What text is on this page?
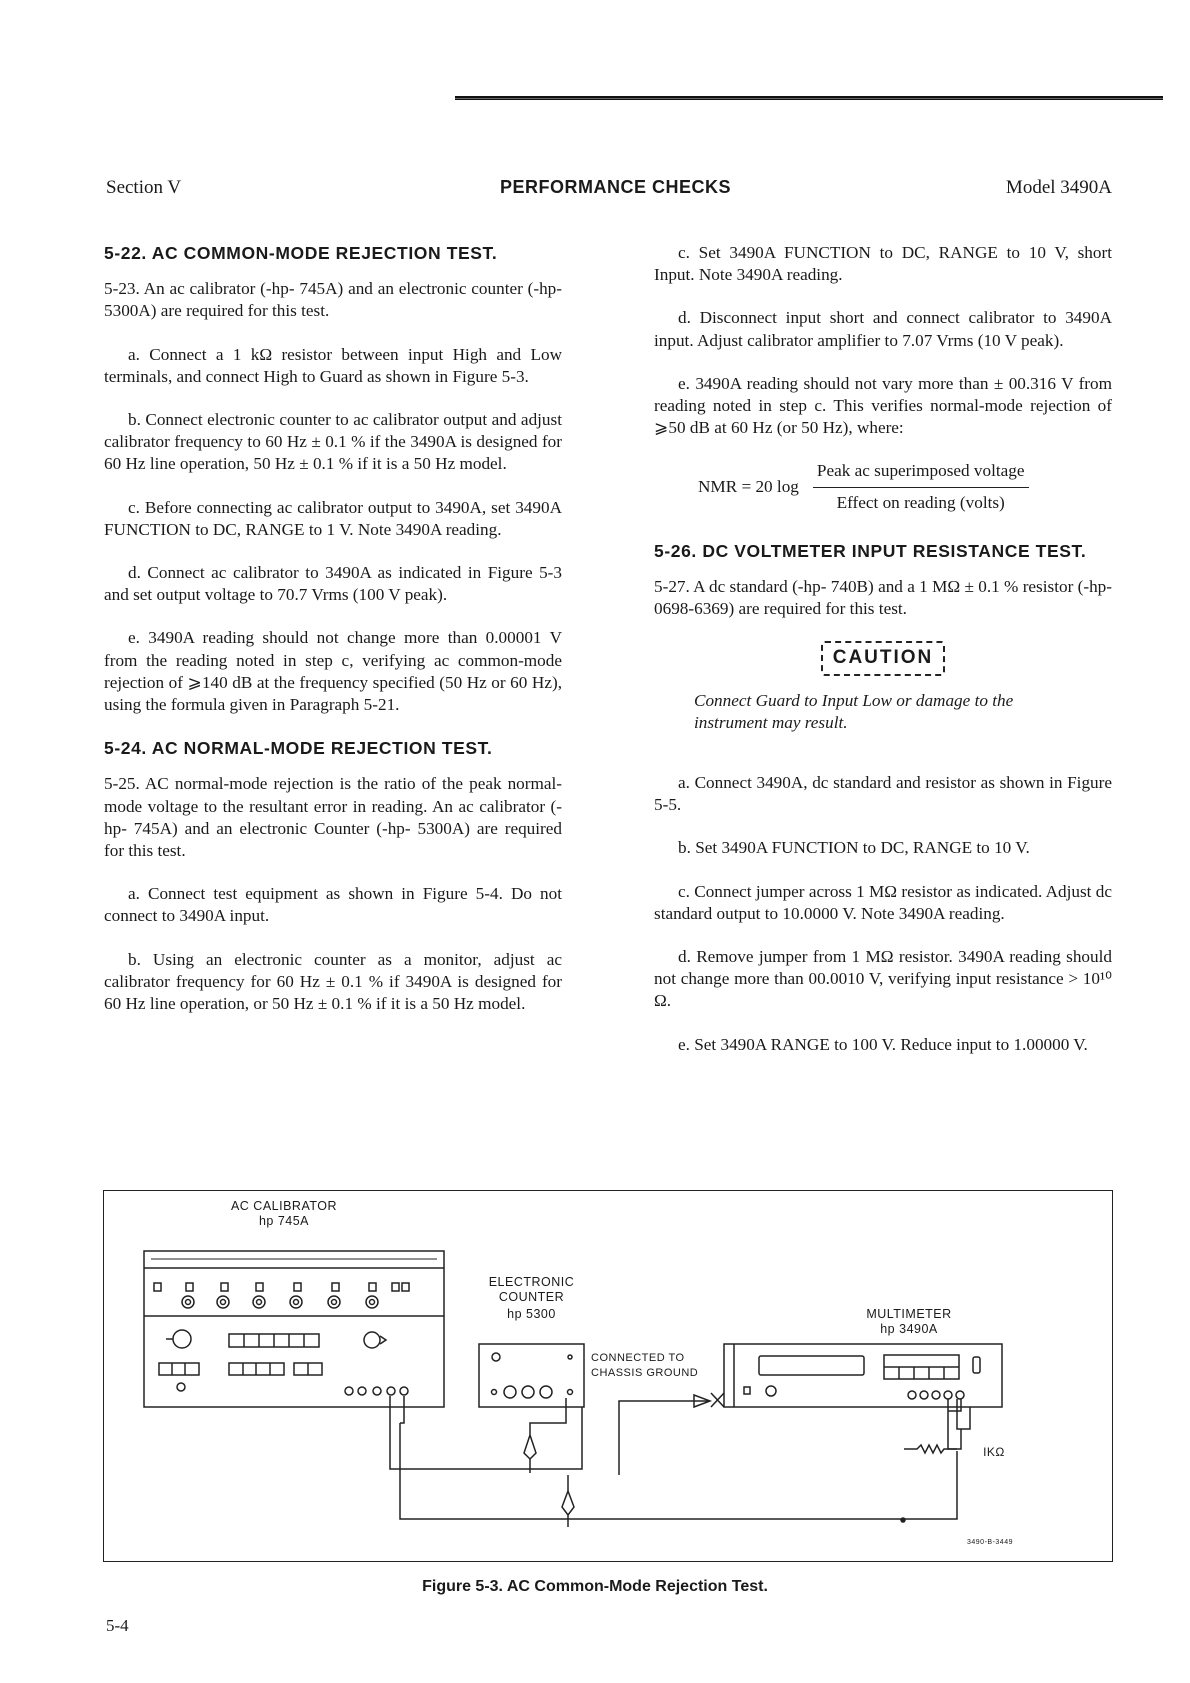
Section V	PERFORMANCE CHECKS	Model 3490A
5-22. AC COMMON-MODE REJECTION TEST.

5-23. An ac calibrator (-hp- 745A) and an electronic counter (-hp- 5300A) are required for this test.

a. Connect a 1 kΩ resistor between input High and Low terminals, and connect High to Guard as shown in Figure 5-3.

b. Connect electronic counter to ac calibrator output and adjust calibrator frequency to 60 Hz ± 0.1 % if the 3490A is designed for 60 Hz line operation, 50 Hz ± 0.1 % if it is a 50 Hz model.

c. Before connecting ac calibrator output to 3490A, set 3490A FUNCTION to DC, RANGE to 1 V. Note 3490A reading.

d. Connect ac calibrator to 3490A as indicated in Figure 5-3 and set output voltage to 70.7 Vrms (100 V peak).

e. 3490A reading should not change more than 0.00001 V from the reading noted in step c, verifying ac common-mode rejection of ⩾140 dB at the frequency specified (50 Hz or 60 Hz), using the formula given in Paragraph 5-21.

5-24. AC NORMAL-MODE REJECTION TEST.

5-25. AC normal-mode rejection is the ratio of the peak normal-mode voltage to the resultant error in reading. An ac calibrator (-hp- 745A) and an electronic Counter (-hp- 5300A) are required for this test.

a. Connect test equipment as shown in Figure 5-4. Do not connect to 3490A input.

b. Using an electronic counter as a monitor, adjust ac calibrator frequency for 60 Hz ± 0.1 % if 3490A is designed for 60 Hz line operation, or 50 Hz ± 0.1 % if it is a 50 Hz model.

c. Set 3490A FUNCTION to DC, RANGE to 10 V, short Input. Note 3490A reading.

d. Disconnect input short and connect calibrator to 3490A input. Adjust calibrator amplifier to 7.07 Vrms (10 V peak).

e. 3490A reading should not vary more than ± 00.316 V from reading noted in step c. This verifies normal-mode rejection of ⩾50 dB at 60 Hz (or 50 Hz), where:

NMR = 20 $\log \frac{\text{Peak ac superimposed voltage}}{\text{Effect on reading (volts)}}$
5-26. DC VOLTMETER INPUT RESISTANCE TEST.

5-27. A dc standard (-hp- 740B) and a 1 MΩ ± 0.1 % resistor (-hp- 0698-6369) are required for this test.

CAUTION

Connect Guard to Input Low or damage to the instrument may result.

a. Connect 3490A, dc standard and resistor as shown in Figure 5-5.

b. Set 3490A FUNCTION to DC, RANGE to 10 V.

c. Connect jumper across 1 MΩ resistor as indicated. Adjust dc standard output to 10.0000 V. Note 3490A reading.

d. Remove jumper from 1 MΩ resistor. 3490A reading should not change more than 00.0010 V, verifying input resistance > 10¹⁰ Ω.

e. Set 3490A RANGE to 100 V. Reduce input to 1.00000 V.

AC CALIBRATOR
hp 745A
ELECTRONIC
COUNTER
hp 5300	MULTIMETER
hp 3490A
CONNECTED TO
CHASSIS GROUND
IKΩ
3490-B-3449
Figure 5-3. AC Common-Mode Rejection Test.
5-4
